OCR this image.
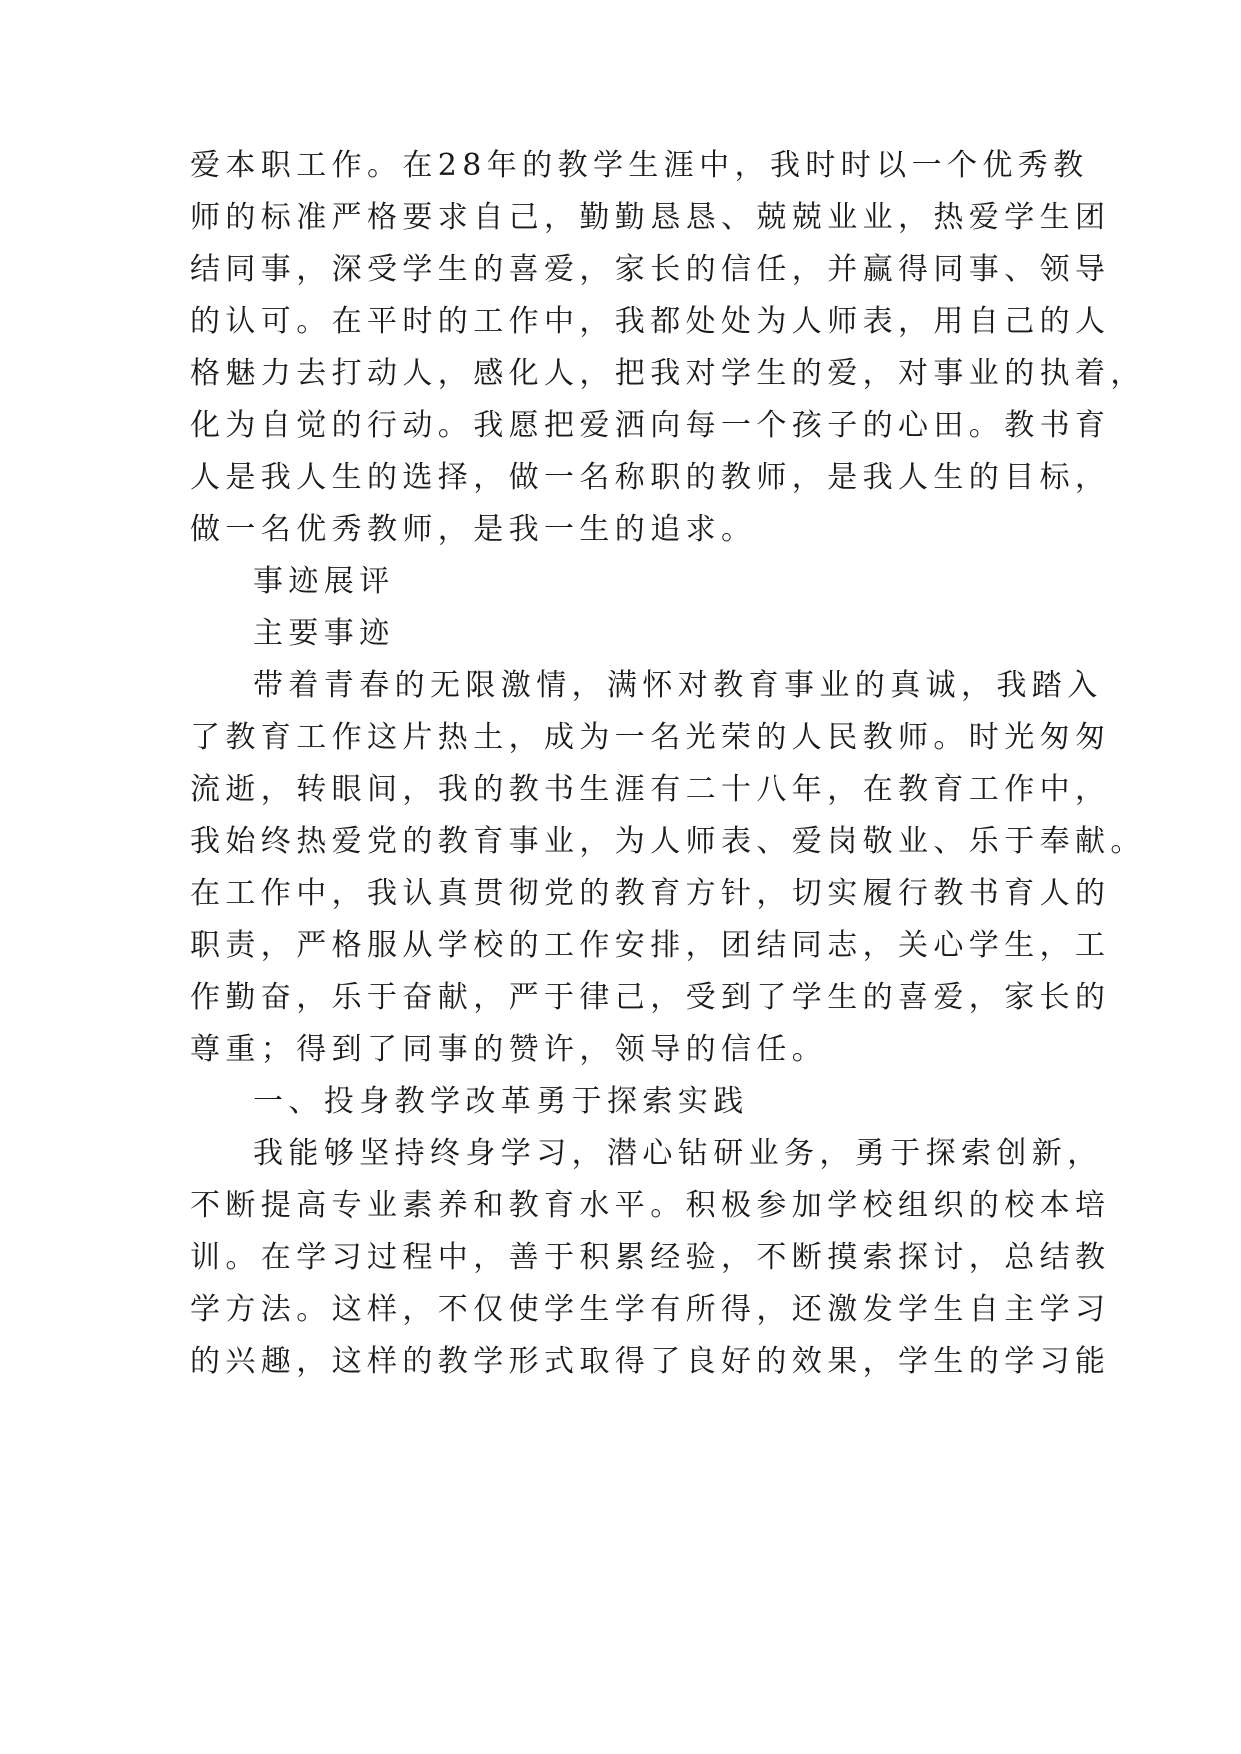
爱本职工作。在28年的教学生涯中，我时时以一个优秀教
师的标准严格要求自己，勤勤恳恳、兢兢业业，热爱学生团
结同事，深受学生的喜爱，家长的信任，并赢得同事、领导
的认可。在平时的工作中，我都处处为人师表，用自己的人
格魅力去打动人，感化人，把我对学生的爱，对事业的执着，
化为自觉的行动。我愿把爱洒向每一个孩子的心田。教书育
人是我人生的选择，做一名称职的教师，是我人生的目标，
做一名优秀教师，是我一生的追求。
事迹展评
主要事迹
带着青春的无限激情，满怀对教育事业的真诚，我踏入
了教育工作这片热土，成为一名光荣的人民教师。时光匆匆
流逝，转眼间，我的教书生涯有二十八年，在教育工作中，
我始终热爱党的教育事业，为人师表、爱岗敬业、乐于奉献。
在工作中，我认真贯彻党的教育方针，切实履行教书育人的
职责，严格服从学校的工作安排，团结同志，关心学生，工
作勤奋，乐于奋献，严于律己，受到了学生的喜爱，家长的
尊重；得到了同事的赞许，领导的信任。
一、投身教学改革勇于探索实践
我能够坚持终身学习，潜心钻研业务，勇于探索创新，
不断提高专业素养和教育水平。积极参加学校组织的校本培
训。在学习过程中，善于积累经验，不断摸索探讨，总结教
学方法。这样，不仅使学生学有所得，还激发学生自主学习
的兴趣，这样的教学形式取得了良好的效果，学生的学习能
